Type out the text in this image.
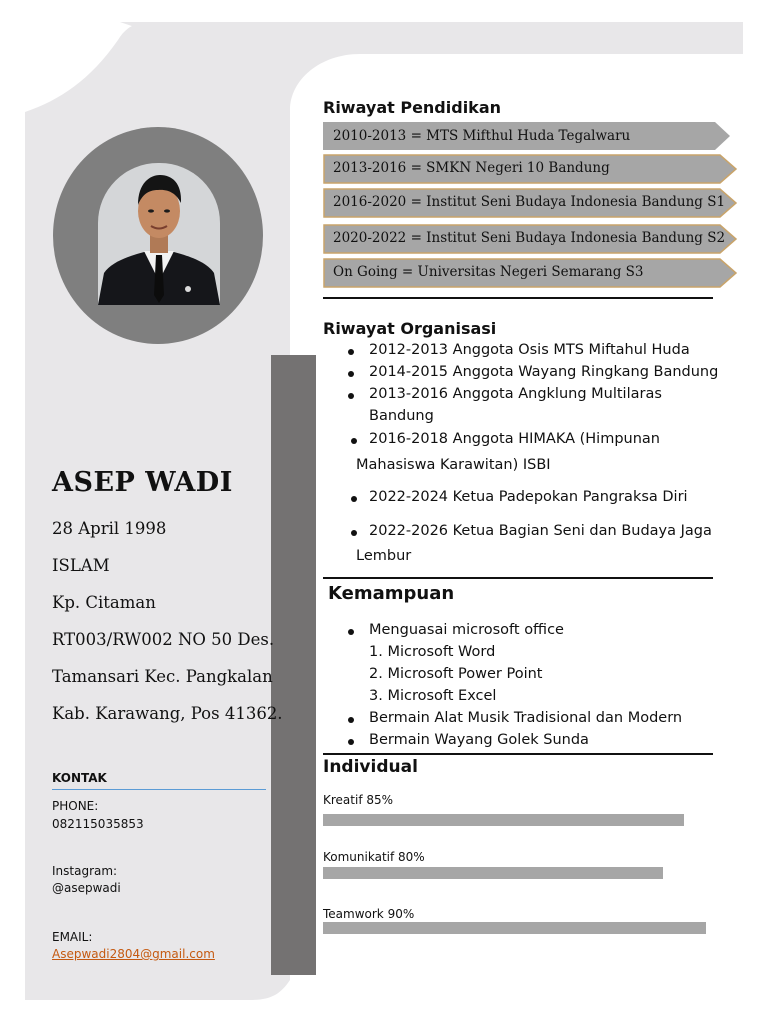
ASEP WADI
28 April 1998
ISLAM
Kp. Citaman
RT003/RW002 NO 50 Des.
Tamansari Kec. Pangkalan
Kab. Karawang, Pos 41362.
KONTAK
PHONE:
082115035853
Instagram:
@asepwadi
EMAIL:
Asepwadi2804@gmail.com
Riwayat Pendidikan
2010-2013 = MTS Mifthul Huda Tegalwaru
2013-2016 = SMKN Negeri 10 Bandung
2016-2020 = Institut Seni Budaya Indonesia Bandung S1
2020-2022 = Institut Seni Budaya Indonesia Bandung S2
On Going = Universitas Negeri Semarang S3
Riwayat Organisasi
2012-2013 Anggota Osis MTS Miftahul Huda
2014-2015 Anggota Wayang Ringkang Bandung
2013-2016 Anggota Angklung Multilaras
Bandung
2016-2018 Anggota HIMAKA (Himpunan
Mahasiswa Karawitan) ISBI
2022-2024 Ketua Padepokan Pangraksa Diri
2022-2026 Ketua Bagian Seni dan Budaya Jaga
Lembur
Kemampuan
Menguasai microsoft office
1. Microsoft Word
2. Microsoft Power Point
3. Microsoft Excel
Bermain Alat Musik Tradisional dan Modern
Bermain Wayang Golek Sunda
Individual
Kreatif 85%
Komunikatif 80%
Teamwork 90%
